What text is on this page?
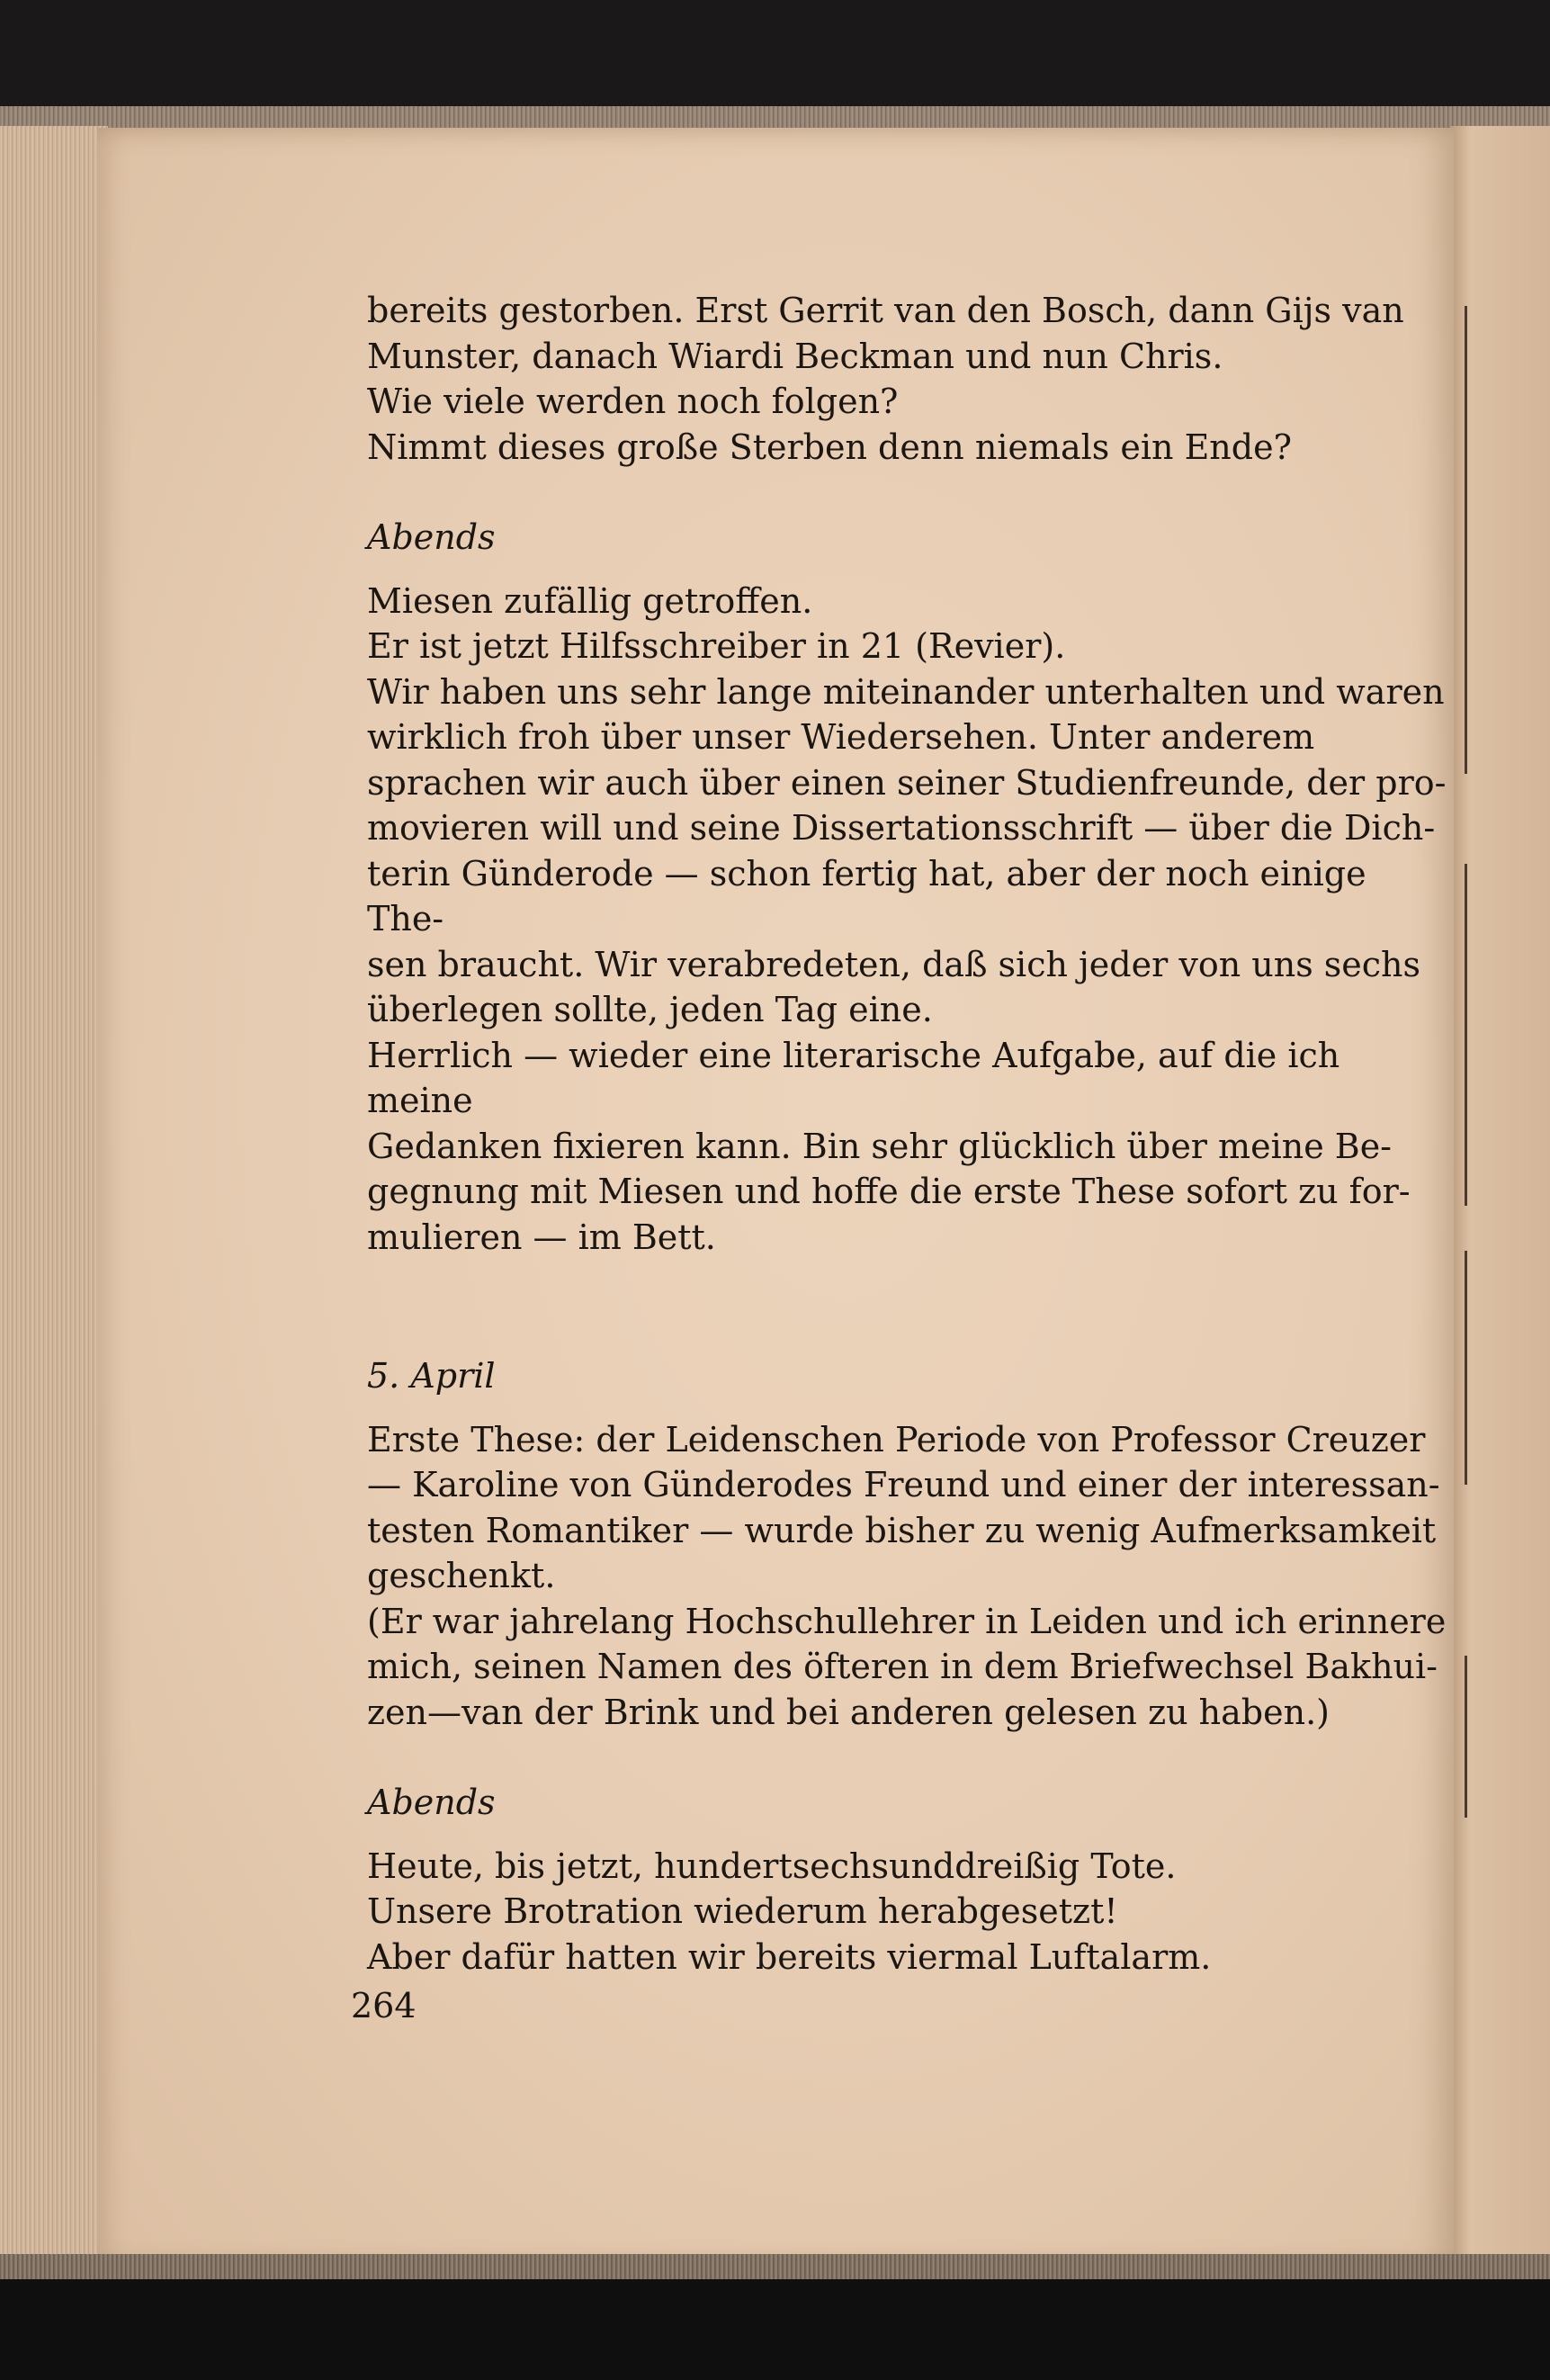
bereits gestorben. Erst Gerrit van den Bosch, dann Gijs van

Munster, danach Wiardi Beckman und nun Chris.

Wie viele werden noch folgen?

Nimmt dieses große Sterben denn niemals ein Ende?

Abends

Miesen zufällig getroffen.

Er ist jetzt Hilfsschreiber in 21 (Revier).

Wir haben uns sehr lange miteinander unterhalten und waren

wirklich froh über unser Wiedersehen. Unter anderem

sprachen wir auch über einen seiner Studienfreunde, der pro-

movieren will und seine Dissertationsschrift — über die Dich-

terin Günderode — schon fertig hat, aber der noch einige The-

sen braucht. Wir verabredeten, daß sich jeder von uns sechs

überlegen sollte, jeden Tag eine.

Herrlich — wieder eine literarische Aufgabe, auf die ich meine

Gedanken fixieren kann. Bin sehr glücklich über meine Be-

gegnung mit Miesen und hoffe die erste These sofort zu for-

mulieren — im Bett.

5. April

Erste These: der Leidenschen Periode von Professor Creuzer

— Karoline von Günderodes Freund und einer der interessan-

testen Romantiker — wurde bisher zu wenig Aufmerksamkeit

geschenkt.

(Er war jahrelang Hochschullehrer in Leiden und ich erinnere

mich, seinen Namen des öfteren in dem Briefwechsel Bakhui-

zen—van der Brink und bei anderen gelesen zu haben.)

Abends

Heute, bis jetzt, hundertsechsunddreißig Tote.

Unsere Brotration wiederum herabgesetzt!

Aber dafür hatten wir bereits viermal Luftalarm.

264
